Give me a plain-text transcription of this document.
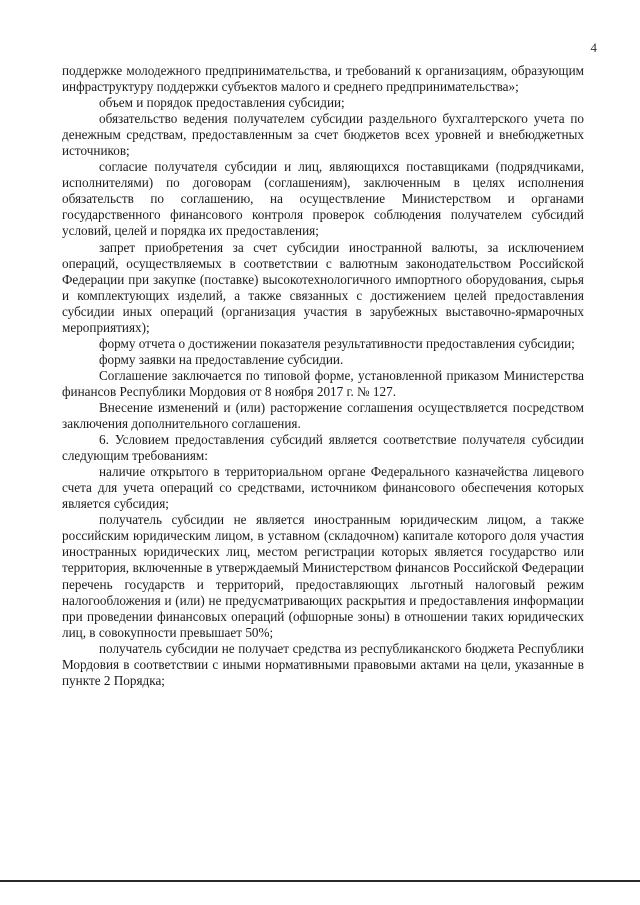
4

поддержке молодежного предпринимательства, и требований к организациям, образующим инфраструктуру поддержки субъектов малого и среднего предпринимательства»;

объем и порядок предоставления субсидии;

обязательство ведения получателем субсидии раздельного бухгалтерского учета по денежным средствам, предоставленным за счет бюджетов всех уровней и внебюджетных источников;

согласие получателя субсидии и лиц, являющихся поставщиками (подрядчиками, исполнителями) по договорам (соглашениям), заключенным в целях исполнения обязательств по соглашению, на осуществление Министерством и органами государственного финансового контроля проверок соблюдения получателем субсидий условий, целей и порядка их предоставления;

запрет приобретения за счет субсидии иностранной валюты, за исключением операций, осуществляемых в соответствии с валютным законодательством Российской Федерации при закупке (поставке) высокотехнологичного импортного оборудования, сырья и комплектующих изделий, а также связанных с достижением целей предоставления субсидии иных операций (организация участия в зарубежных выставочно-ярмарочных мероприятиях);

форму отчета о достижении показателя результативности предоставления субсидии;

форму заявки на предоставление субсидии.

Соглашение заключается по типовой форме, установленной приказом Министерства финансов Республики Мордовия от 8 ноября 2017 г. № 127.

Внесение изменений и (или) расторжение соглашения осуществляется посредством заключения дополнительного соглашения.

6. Условием предоставления субсидий является соответствие получателя субсидии следующим требованиям:

наличие открытого в территориальном органе Федерального казначейства лицевого счета для учета операций со средствами, источником финансового обеспечения которых является субсидия;

получатель субсидии не является иностранным юридическим лицом, а также российским юридическим лицом, в уставном (складочном) капитале которого доля участия иностранных юридических лиц, местом регистрации которых является государство или территория, включенные в утверждаемый Министерством финансов Российской Федерации перечень государств и территорий, предоставляющих льготный налоговый режим налогообложения и (или) не предусматривающих раскрытия и предоставления информации при проведении финансовых операций (офшорные зоны) в отношении таких юридических лиц, в совокупности превышает 50%;

получатель субсидии не получает средства из республиканского бюджета Республики Мордовия в соответствии с иными нормативными правовыми актами на цели, указанные в пункте 2 Порядка;
